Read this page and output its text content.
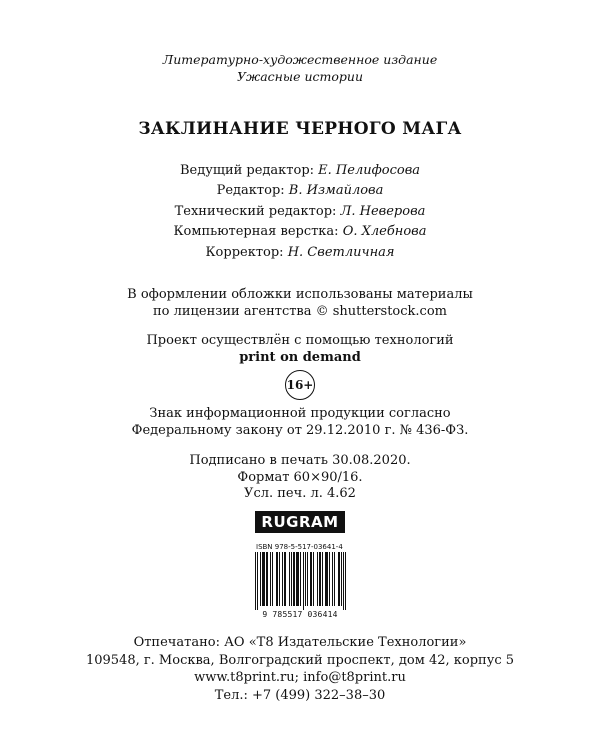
Литературно-художественное издание
Ужасные истории
ЗАКЛИНАНИЕ ЧЕРНОГО МАГА
Ведущий редактор: Е. Пелифосова
Редактор: В. Измайлова
Технический редактор: Л. Неверова
Компьютерная верстка: О. Хлебнова
Корректор: Н. Светличная
В оформлении обложки использованы материалы
по лицензии агентства © shutterstock.com
Проект осуществлён с помощью технологий
print on demand
16+
Знак информационной продукции согласно
Федеральному закону от 29.12.2010 г. № 436-ФЗ.
Подписано в печать 30.08.2020.
Формат 60×90/16.
Усл. печ. л. 4.62
RUGRAM
ISBN 978-5-517-03641-4
9 785517 036414
Отпечатано: АО «Т8 Издательские Технологии»
109548, г. Москва, Волгоградский проспект, дом 42, корпус 5
www.t8print.ru; info@t8print.ru
Тел.: +7 (499) 322–38–30
